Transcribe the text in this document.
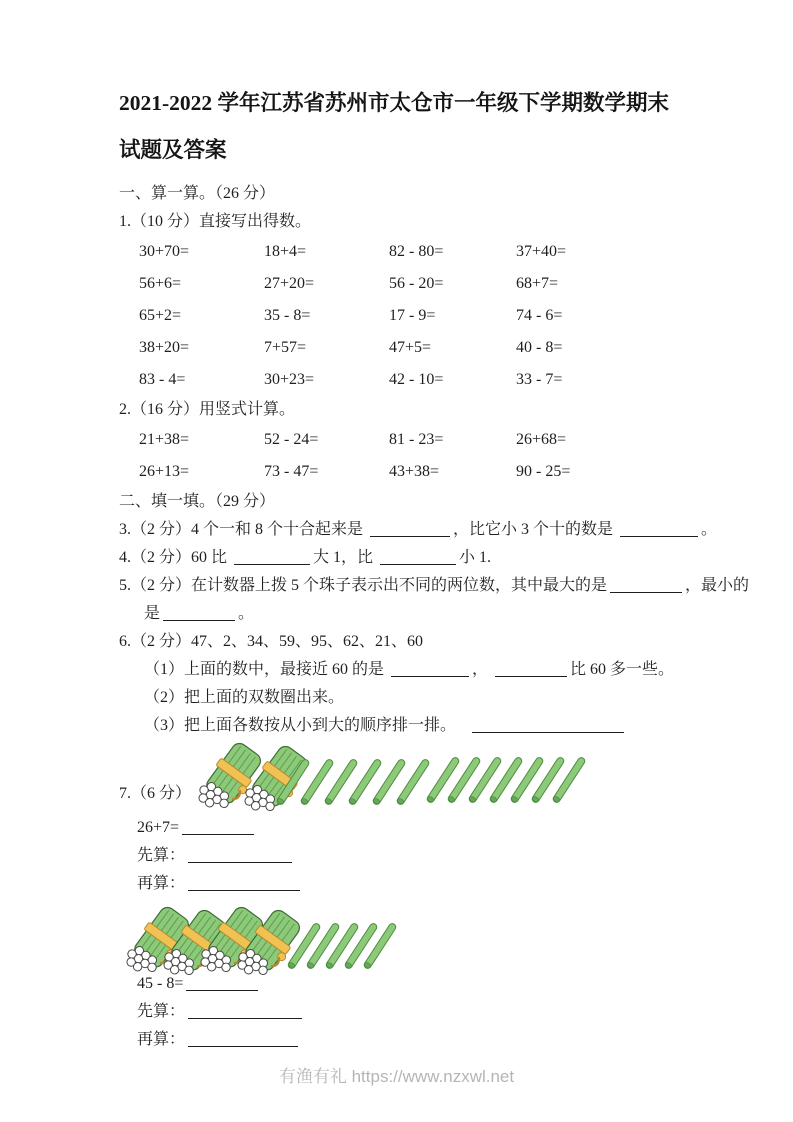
2021-2022 学年江苏省苏州市太仓市一年级下学期数学期末
试题及答案

一、算一算。（26 分）

1.（10 分）直接写出得数。

30+70=	18+4=	82 - 80=	37+40=
56+6=	27+20=	56 - 20=	68+7=
65+2=	35 - 8=	17 - 9=	74 - 6=
38+20=	7+57=	47+5=	40 - 8=
83 - 4=	30+23=	42 - 10=	33 - 7=

2.（16 分）用竖式计算。

21+38=	52 - 24=	81 - 23=	26+68=
26+13=	73 - 47=	43+38=	90 - 25=

二、填一填。（29 分）

3.（2 分）4 个一和 8 个十合起来是	，比它小 3 个十的数是	。

4.（2 分）60 比	大 1，比	小 1.

5.（2 分）在计数器上拨 5 个珠子表示出不同的两位数，其中最大的是	，最小的

是	。

6.（2 分）47、2、34、59、95、62、21、60

（1）上面的数中，最接近 60 的是	，	比 60 多一些。

（2）把上面的双数圈出来。

（3）把上面各数按从小到大的顺序排一排。

7.（6 分）

26+7=

先算：

再算：

45 - 8=

先算：

再算：

有渔有礼 https://www.nzxwl.net
